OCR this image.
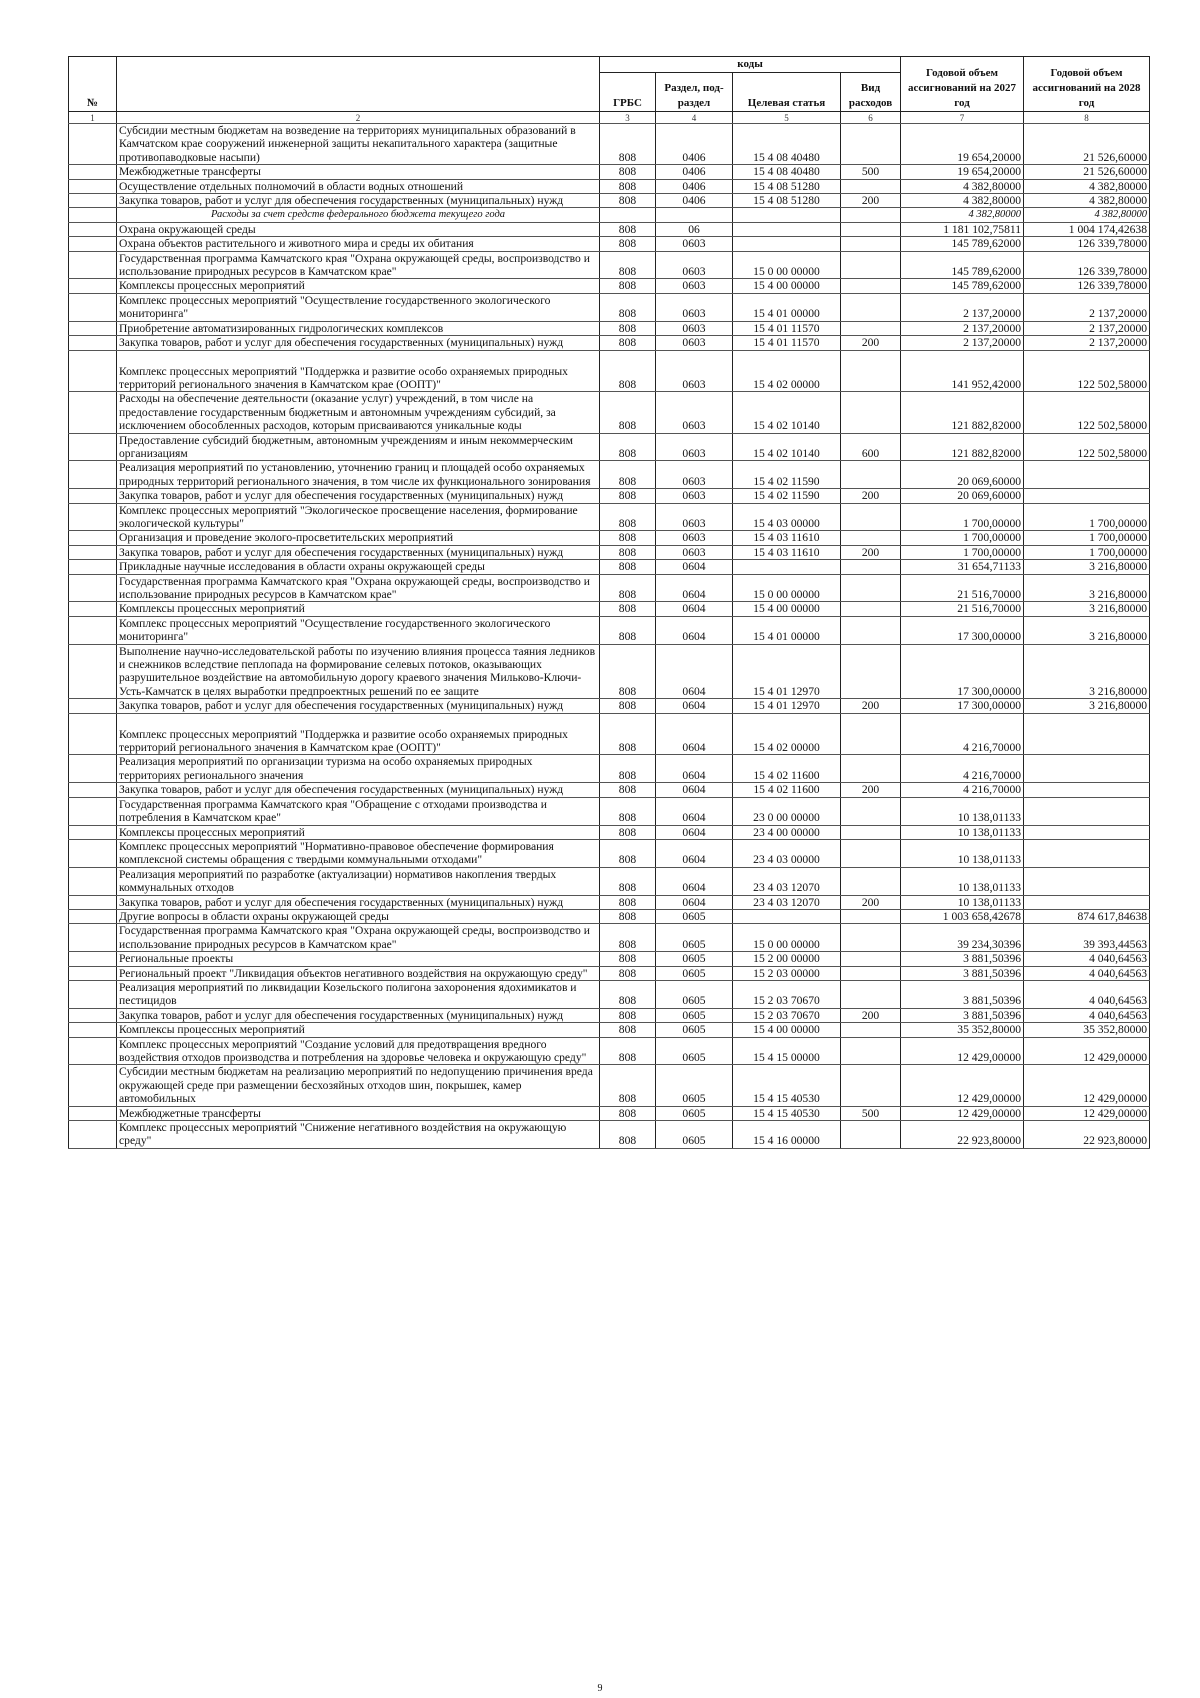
№		коды				Годовой объем ассигнований на 2027 год	Годовой объем ассигнований на 2028 год
		ГРБС	Раздел, под-раздел	Целевая статья	Вид расходов		
1	2	3	4	5	6	7	8
	Субсидии местным бюджетам на возведение на территориях муниципальных образований в Камчатском крае сооружений инженерной защиты некапитального характера (защитные противопаводковые насыпи)	808	0406	15 4 08 40480		19 654,20000	21 526,60000
	Межбюджетные трансферты	808	0406	15 4 08 40480	500	19 654,20000	21 526,60000
	Осуществление отдельных полномочий в области водных отношений	808	0406	15 4 08 51280		4 382,80000	4 382,80000
	Закупка товаров, работ и услуг для обеспечения государственных (муниципальных) нужд	808	0406	15 4 08 51280	200	4 382,80000	4 382,80000
	Расходы за счет средств федерального бюджета текущего года					4 382,80000	4 382,80000
	Охрана окружающей среды	808	06			1 181 102,75811	1 004 174,42638
	Охрана объектов растительного и животного мира и среды их обитания	808	0603			145 789,62000	126 339,78000
	Государственная программа Камчатского края "Охрана окружающей среды, воспроизводство и использование природных ресурсов в Камчатском крае"	808	0603	15 0 00 00000		145 789,62000	126 339,78000
	Комплексы процессных мероприятий	808	0603	15 4 00 00000		145 789,62000	126 339,78000
	Комплекс процессных мероприятий "Осуществление государственного экологического мониторинга"	808	0603	15 4 01 00000		2 137,20000	2 137,20000
	Приобретение автоматизированных гидрологических комплексов	808	0603	15 4 01 11570		2 137,20000	2 137,20000
	Закупка товаров, работ и услуг для обеспечения государственных (муниципальных) нужд	808	0603	15 4 01 11570	200	2 137,20000	2 137,20000
	Комплекс процессных мероприятий "Поддержка и развитие особо охраняемых природных территорий регионального значения в Камчатском крае (ООПТ)"	808	0603	15 4 02 00000		141 952,42000	122 502,58000
	Расходы на обеспечение деятельности (оказание услуг) учреждений, в том числе на предоставление государственным бюджетным и автономным учреждениям субсидий, за исключением обособленных расходов, которым присваиваются уникальные коды	808	0603	15 4 02 10140		121 882,82000	122 502,58000
	Предоставление субсидий бюджетным, автономным учреждениям и иным некоммерческим организациям	808	0603	15 4 02 10140	600	121 882,82000	122 502,58000
	Реализация мероприятий по установлению, уточнению границ и площадей особо охраняемых природных территорий регионального значения, в том числе их функционального зонирования	808	0603	15 4 02 11590		20 069,60000	
	Закупка товаров, работ и услуг для обеспечения государственных (муниципальных) нужд	808	0603	15 4 02 11590	200	20 069,60000	
	Комплекс процессных мероприятий "Экологическое просвещение населения, формирование экологической культуры"	808	0603	15 4 03 00000		1 700,00000	1 700,00000
	Организация и проведение эколого-просветительских мероприятий	808	0603	15 4 03 11610		1 700,00000	1 700,00000
	Закупка товаров, работ и услуг для обеспечения государственных (муниципальных) нужд	808	0603	15 4 03 11610	200	1 700,00000	1 700,00000
	Прикладные научные исследования в области охраны окружающей среды	808	0604			31 654,71133	3 216,80000
	Государственная программа Камчатского края "Охрана окружающей среды, воспроизводство и использование природных ресурсов в Камчатском крае"	808	0604	15 0 00 00000		21 516,70000	3 216,80000
	Комплексы процессных мероприятий	808	0604	15 4 00 00000		21 516,70000	3 216,80000
	Комплекс процессных мероприятий "Осуществление государственного экологического мониторинга"	808	0604	15 4 01 00000		17 300,00000	3 216,80000
	Выполнение научно-исследовательской работы по изучению влияния процесса таяния ледников и снежников вследствие пеплопада на формирование селевых потоков, оказывающих разрушительное воздействие на автомобильную дорогу краевого значения Мильково-Ключи-Усть-Камчатск в целях выработки предпроектных решений по ее защите	808	0604	15 4 01 12970		17 300,00000	3 216,80000
	Закупка товаров, работ и услуг для обеспечения государственных (муниципальных) нужд	808	0604	15 4 01 12970	200	17 300,00000	3 216,80000
	Комплекс процессных мероприятий "Поддержка и развитие особо охраняемых природных территорий регионального значения в Камчатском крае (ООПТ)"	808	0604	15 4 02 00000		4 216,70000	
	Реализация мероприятий по организации туризма на особо охраняемых природных территориях регионального значения	808	0604	15 4 02 11600		4 216,70000	
	Закупка товаров, работ и услуг для обеспечения государственных (муниципальных) нужд	808	0604	15 4 02 11600	200	4 216,70000	
	Государственная программа Камчатского края "Обращение с отходами производства и потребления в Камчатском крае"	808	0604	23 0 00 00000		10 138,01133	
	Комплексы процессных мероприятий	808	0604	23 4 00 00000		10 138,01133	
	Комплекс процессных мероприятий "Нормативно-правовое обеспечение формирования комплексной системы обращения с твердыми коммунальными отходами"	808	0604	23 4 03 00000		10 138,01133	
	Реализация мероприятий по разработке (актуализации) нормативов накопления твердых коммунальных отходов	808	0604	23 4 03 12070		10 138,01133	
	Закупка товаров, работ и услуг для обеспечения государственных (муниципальных) нужд	808	0604	23 4 03 12070	200	10 138,01133	
	Другие вопросы в области охраны окружающей среды	808	0605			1 003 658,42678	874 617,84638
	Государственная программа Камчатского края "Охрана окружающей среды, воспроизводство и использование природных ресурсов в Камчатском крае"	808	0605	15 0 00 00000		39 234,30396	39 393,44563
	Региональные проекты	808	0605	15 2 00 00000		3 881,50396	4 040,64563
	Региональный проект "Ликвидация объектов негативного воздействия на окружающую среду"	808	0605	15 2 03 00000		3 881,50396	4 040,64563
	Реализация мероприятий по ликвидации Козельского полигона захоронения ядохимикатов и пестицидов	808	0605	15 2 03 70670		3 881,50396	4 040,64563
	Закупка товаров, работ и услуг для обеспечения государственных (муниципальных) нужд	808	0605	15 2 03 70670	200	3 881,50396	4 040,64563
	Комплексы процессных мероприятий	808	0605	15 4 00 00000		35 352,80000	35 352,80000
	Комплекс процессных мероприятий "Создание условий для предотвращения вредного воздействия отходов производства и потребления на здоровье человека и окружающую среду"	808	0605	15 4 15 00000		12 429,00000	12 429,00000
	Субсидии местным бюджетам на реализацию мероприятий по недопущению причинения вреда окружающей среде при размещении бесхозяйных отходов шин, покрышек, камер автомобильных	808	0605	15 4 15 40530		12 429,00000	12 429,00000
	Межбюджетные трансферты	808	0605	15 4 15 40530	500	12 429,00000	12 429,00000
	Комплекс процессных мероприятий "Снижение негативного воздействия на окружающую среду"	808	0605	15 4 16 00000		22 923,80000	22 923,80000
9
